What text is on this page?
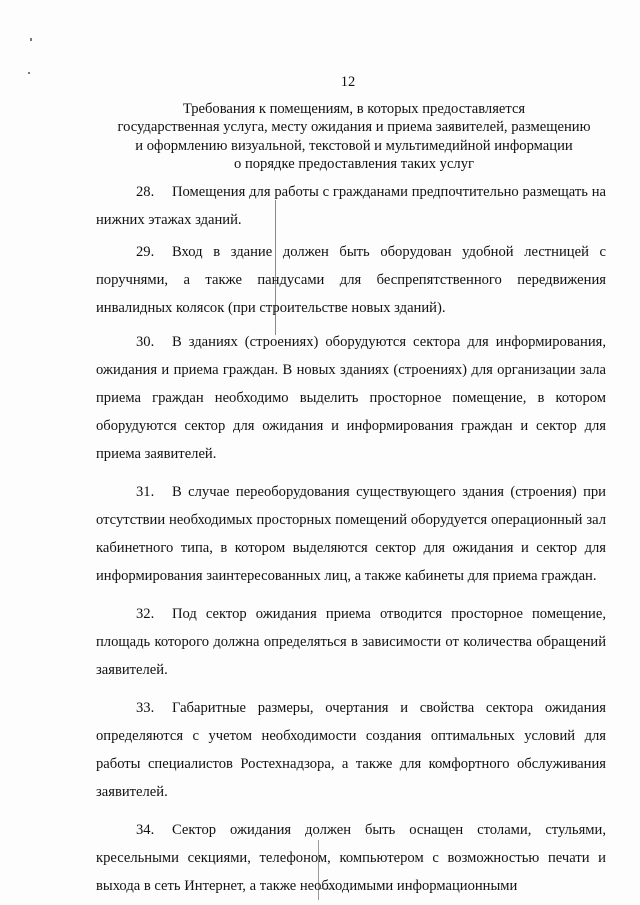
12
Требования к помещениям, в которых предоставляется
государственная услуга, месту ожидания и приема заявителей, размещению
и оформлению визуальной, текстовой и мультимедийной информации
о порядке предоставления таких услуг

28. Помещения для работы с гражданами предпочтительно размещать на нижних этажах зданий.

29. Вход в здание должен быть оборудован удобной лестницей с поручнями, а также пандусами для беспрепятственного передвижения инвалидных колясок (при строительстве новых зданий).

30. В зданиях (строениях) оборудуются сектора для информирования, ожидания и приема граждан. В новых зданиях (строениях) для организации зала приема граждан необходимо выделить просторное помещение, в котором оборудуются сектор для ожидания и информирования граждан и сектор для приема заявителей.

31. В случае переоборудования существующего здания (строения) при отсутствии необходимых просторных помещений оборудуется операционный зал кабинетного типа, в котором выделяются сектор для ожидания и сектор для информирования заинтересованных лиц, а также кабинеты для приема граждан.

32. Под сектор ожидания приема отводится просторное помещение, площадь которого должна определяться в зависимости от количества обращений заявителей.

33. Габаритные размеры, очертания и свойства сектора ожидания определяются с учетом необходимости создания оптимальных условий для работы специалистов Ростехнадзора, а также для комфортного обслуживания заявителей.

34. Сектор ожидания должен быть оснащен столами, стульями, кресельными секциями, телефоном, компьютером с возможностью печати и выхода в сеть Интернет, а также необходимыми информационными
